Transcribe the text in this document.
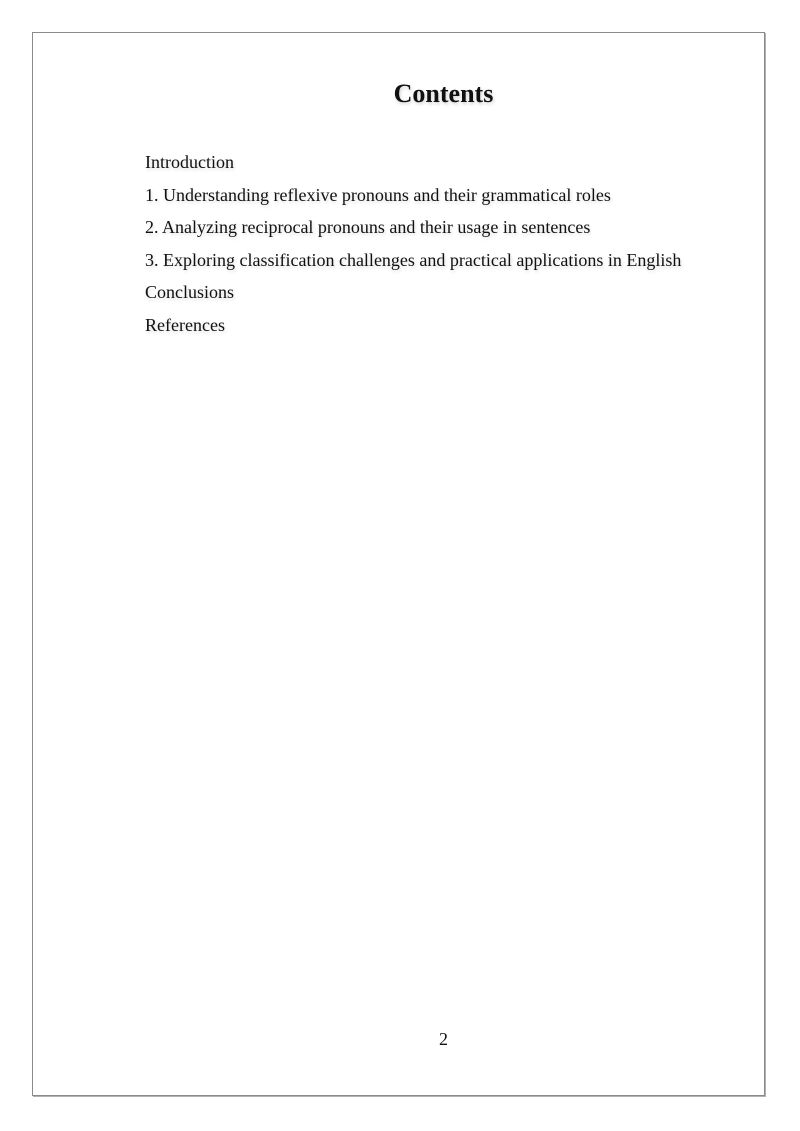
Contents
Introduction
1. Understanding reflexive pronouns and their grammatical roles
2. Analyzing reciprocal pronouns and their usage in sentences
3. Exploring classification challenges and practical applications in English
Conclusions
References
2
